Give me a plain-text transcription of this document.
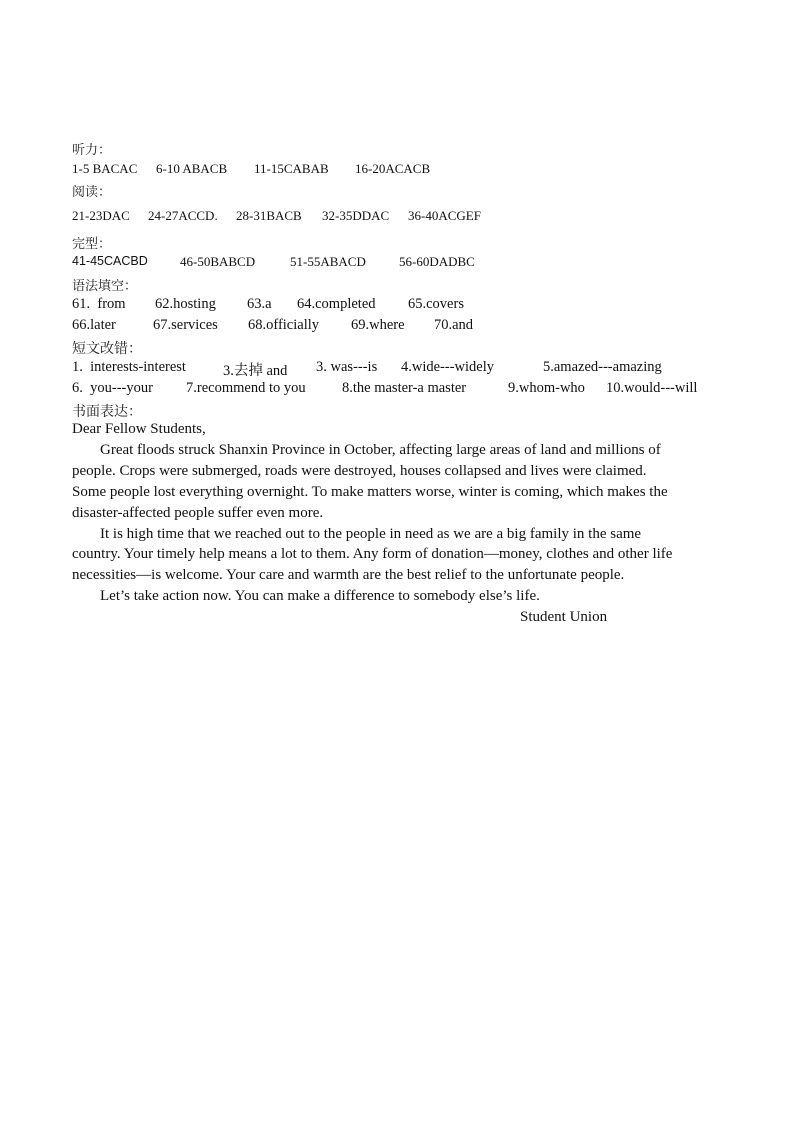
听力：

1-5 BACAC

6-10 ABACB

11-15CABAB

16-20ACACB

阅读：

21-23DAC

24-27ACCD.

28-31BACB

32-35DDAC

36-40ACGEF

完型：

41-45CACBD

46-50BABCD

	51-55ABACD

	56-60DADBC

语法填空：

61.  from

62.hosting

63.a

64.completed

65.covers

66.later

	67.services

68.officially

69.where

70.and

短文改错：

1.  interests-interest

	3.去掉 and

3. was---is

4.wide---widely

	5.amazed---amazing

6.  you---your

7.recommend to you

	8.the master-a master

	9.whom-who

10.would---will

书面表达：
Dear Fellow Students,
Great floods struck Shanxin Province in October, affecting large areas of land and millions of
people. Crops were submerged, roads were destroyed, houses collapsed and lives were claimed.
Some people lost everything overnight. To make matters worse, winter is coming, which makes the
disaster-affected people suffer even more.
It is high time that we reached out to the people in need as we are a big family in the same
country. Your timely help means a lot to them. Any form of donation—money, clothes and other life
necessities—is welcome. Your care and warmth are the best relief to the unfortunate people.
Let’s take action now. You can make a difference to somebody else’s life.
Student Union
